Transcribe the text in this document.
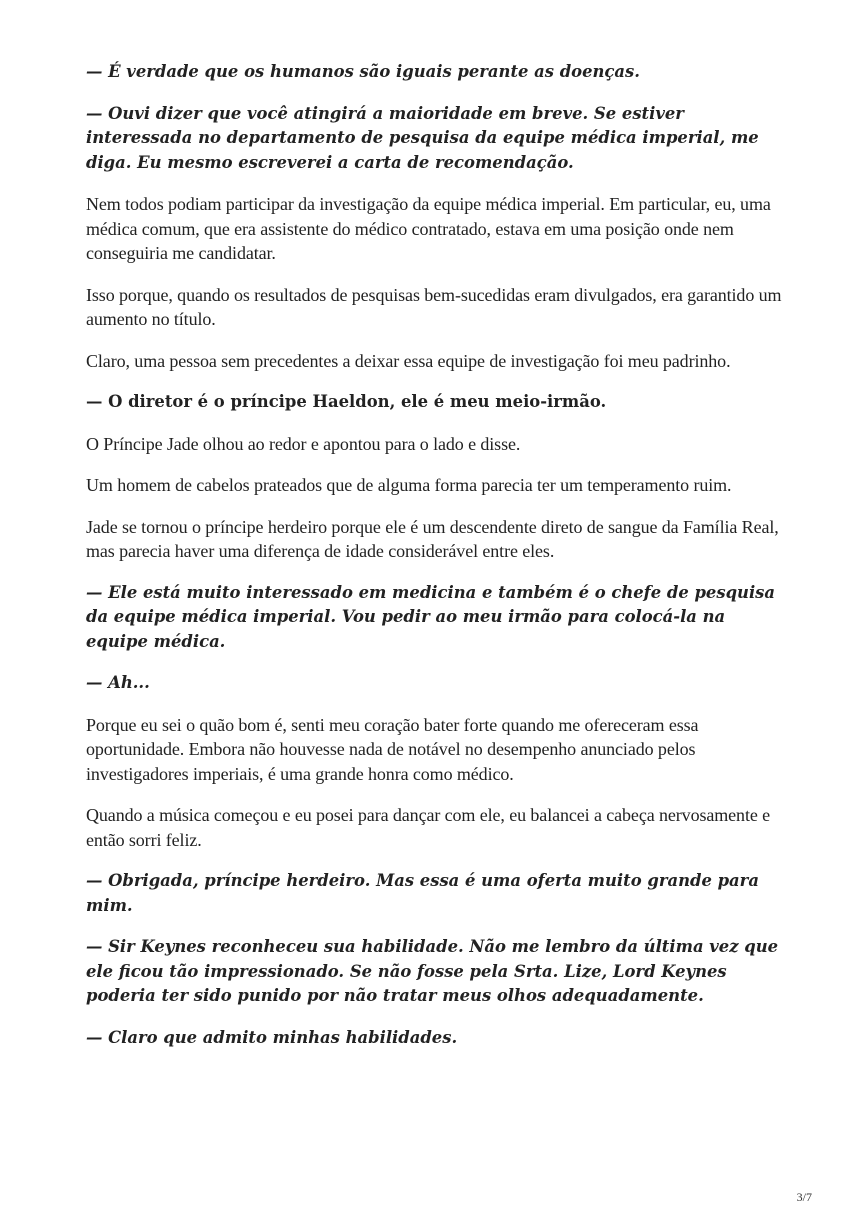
— É verdade que os humanos são iguais perante as doenças.

— Ouvi dizer que você atingirá a maioridade em breve. Se estiver interessada no departamento de pesquisa da equipe médica imperial, me diga. Eu mesmo escreverei a carta de recomendação.

Nem todos podiam participar da investigação da equipe médica imperial. Em particular, eu, uma médica comum, que era assistente do médico contratado, estava em uma posição onde nem conseguiria me candidatar.

Isso porque, quando os resultados de pesquisas bem-sucedidas eram divulgados, era garantido um aumento no título.

Claro, uma pessoa sem precedentes a deixar essa equipe de investigação foi meu padrinho.

— O diretor é o príncipe Haeldon, ele é meu meio-irmão.

O Príncipe Jade olhou ao redor e apontou para o lado e disse.

Um homem de cabelos prateados que de alguma forma parecia ter um temperamento ruim.

Jade se tornou o príncipe herdeiro porque ele é um descendente direto de sangue da Família Real, mas parecia haver uma diferença de idade considerável entre eles.

— Ele está muito interessado em medicina e também é o chefe de pesquisa da equipe médica imperial. Vou pedir ao meu irmão para colocá-la na equipe médica.

— Ah...

Porque eu sei o quão bom é, senti meu coração bater forte quando me ofereceram essa oportunidade. Embora não houvesse nada de notável no desempenho anunciado pelos investigadores imperiais, é uma grande honra como médico.

Quando a música começou e eu posei para dançar com ele, eu balancei a cabeça nervosamente e então sorri feliz.

— Obrigada, príncipe herdeiro. Mas essa é uma oferta muito grande para mim.

— Sir Keynes reconheceu sua habilidade. Não me lembro da última vez que ele ficou tão impressionado. Se não fosse pela Srta. Lize, Lord Keynes poderia ter sido punido por não tratar meus olhos adequadamente.

— Claro que admito minhas habilidades.

3/7
